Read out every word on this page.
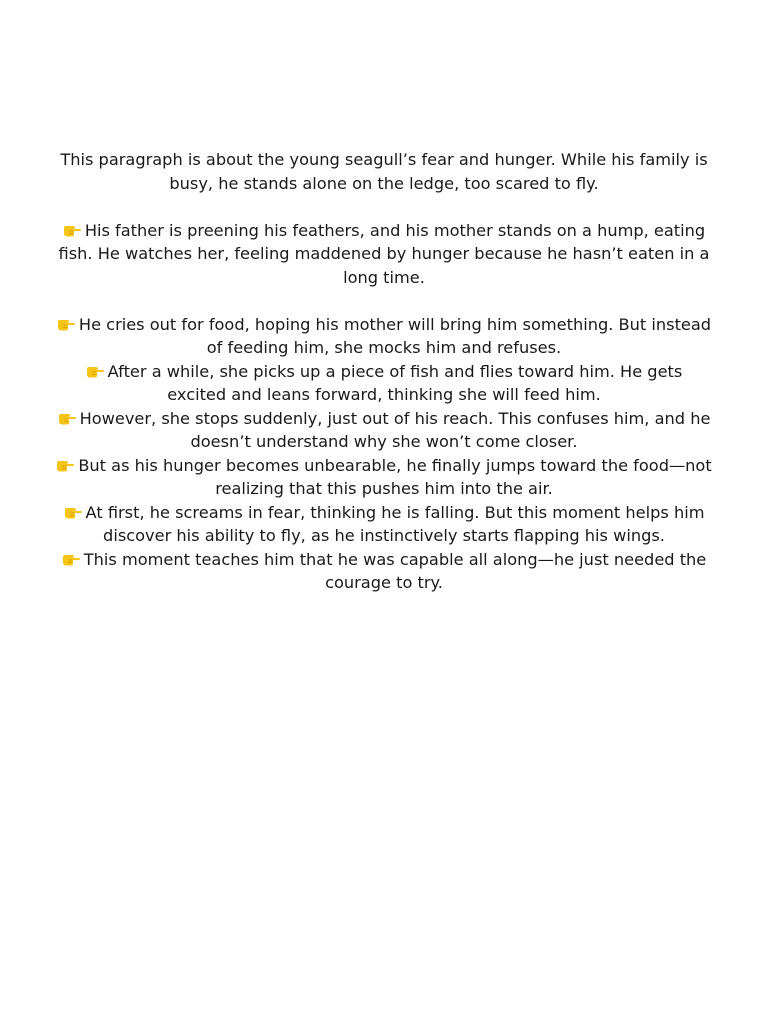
This paragraph is about the young seagull’s fear and hunger. While his family is busy, he stands alone on the ledge, too scared to fly.

His father is preening his feathers, and his mother stands on a hump, eating fish. He watches her, feeling maddened by hunger because he hasn’t eaten in a long time.

He cries out for food, hoping his mother will bring him something. But instead of feeding him, she mocks him and refuses.
After a while, she picks up a piece of fish and flies toward him. He gets excited and leans forward, thinking she will feed him.
However, she stops suddenly, just out of his reach. This confuses him, and he doesn’t understand why she won’t come closer.
But as his hunger becomes unbearable, he finally jumps toward the food—not realizing that this pushes him into the air.
At first, he screams in fear, thinking he is falling. But this moment helps him discover his ability to fly, as he instinctively starts flapping his wings.
This moment teaches him that he was capable all along—he just needed the courage to try.
